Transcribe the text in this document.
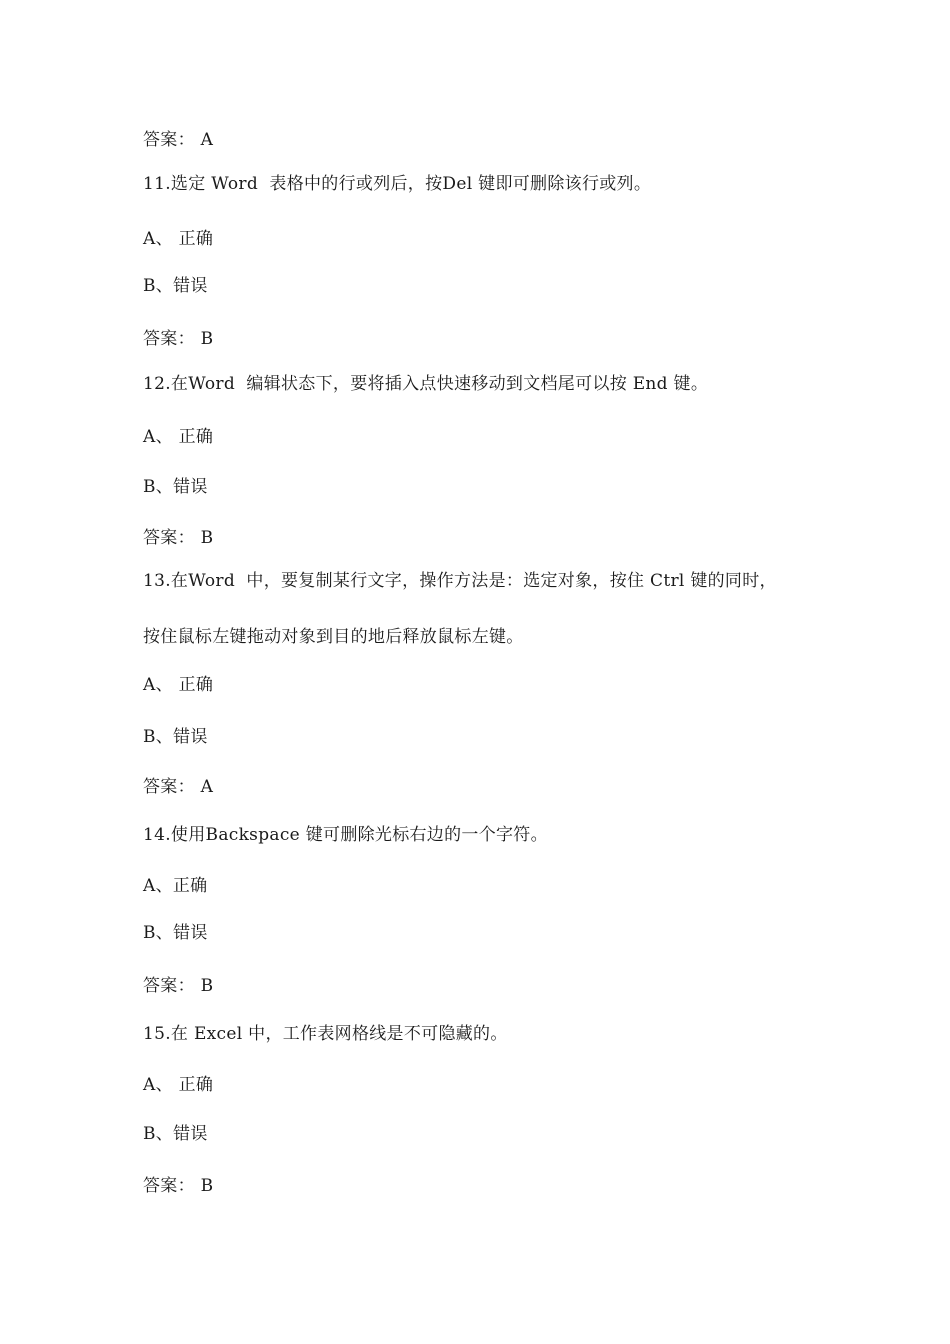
答案： A
11.选定 Word  表格中的行或列后，按Del 键即可删除该行或列。
A、 正确
B、错误
答案： B
12.在Word  编辑状态下，要将插入点快速移动到文档尾可以按 End 键。
A、 正确
B、错误
答案： B
13.在Word  中，要复制某行文字，操作方法是：选定对象，按住 Ctrl 键的同时，
按住鼠标左键拖动对象到目的地后释放鼠标左键。
A、 正确
B、错误
答案： A
14.使用Backspace 键可删除光标右边的一个字符。
A、正确
B、错误
答案： B
15.在 Excel 中，工作表网格线是不可隐藏的。
A、 正确
B、错误
答案： B
